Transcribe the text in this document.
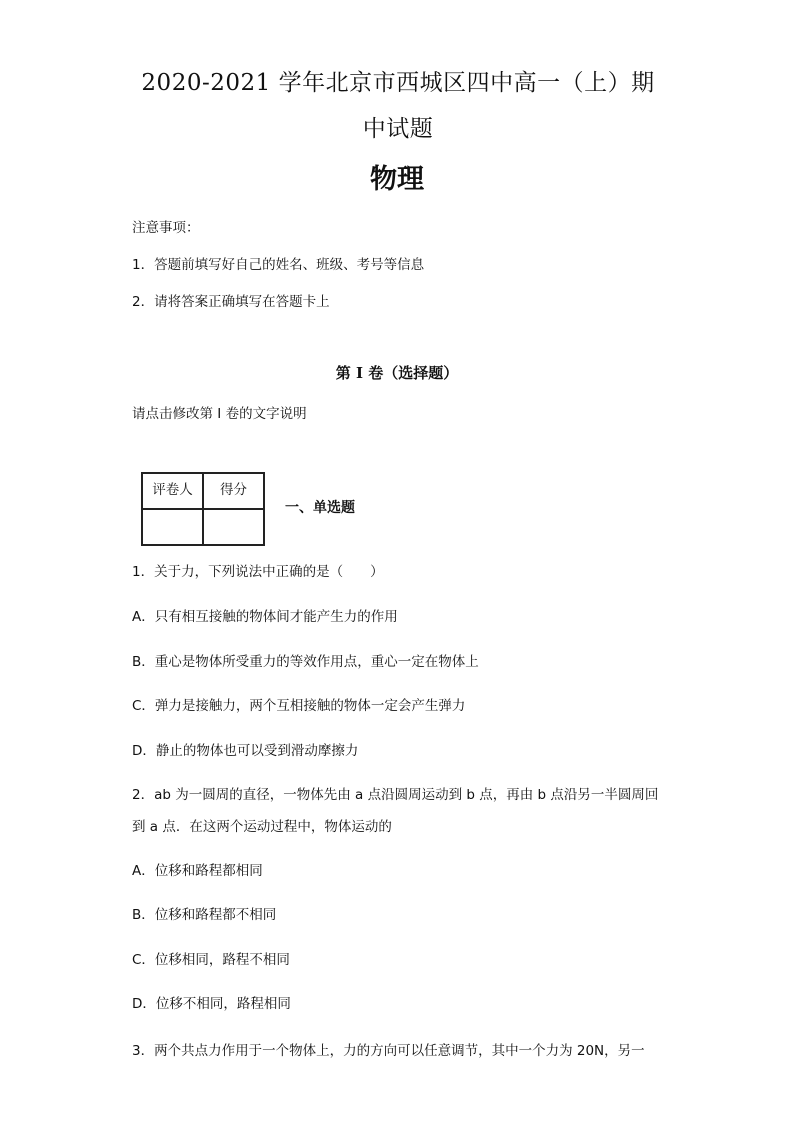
2020-2021 学年北京市西城区四中高一（上）期
中试题
物理
注意事项：
1．答题前填写好自己的姓名、班级、考号等信息
2．请将答案正确填写在答题卡上
第 I 卷（选择题）
请点击修改第 I 卷的文字说明
评卷人	得分

一、单选题
1．关于力，下列说法中正确的是（　　）
A．只有相互接触的物体间才能产生力的作用
B．重心是物体所受重力的等效作用点，重心一定在物体上
C．弹力是接触力，两个互相接触的物体一定会产生弹力
D．静止的物体也可以受到滑动摩擦力
2．ab 为一圆周的直径，一物体先由 a 点沿圆周运动到 b 点，再由 b 点沿另一半圆周回
到 a 点．在这两个运动过程中，物体运动的
A．位移和路程都相同
B．位移和路程都不相同
C．位移相同，路程不相同
D．位移不相同，路程相同
3．两个共点力作用于一个物体上，力的方向可以任意调节，其中一个力为 20N，另一
